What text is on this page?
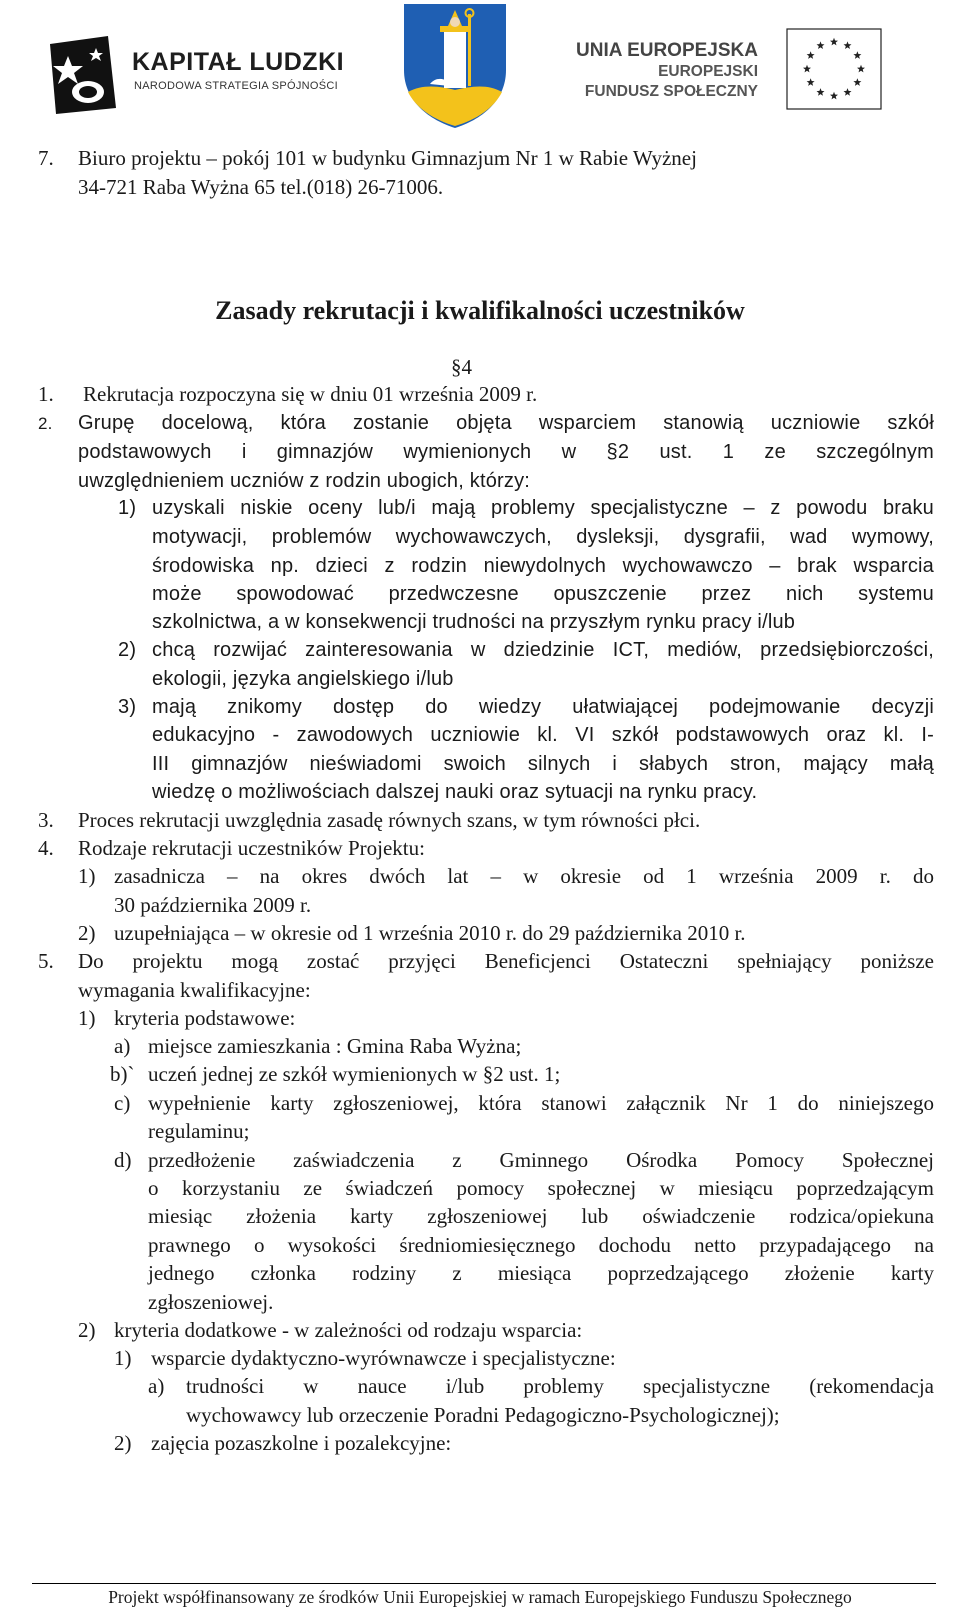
KAPITAŁ LUDZKI
NARODOWA STRATEGIA SPÓJNOŚCI
UNIA EUROPEJSKA
EUROPEJSKI
FUNDUSZ SPOŁECZNY
7. Biuro projektu – pokój 101 w budynku Gimnazjum Nr 1 w Rabie Wyżnej
34-721 Raba Wyżna 65 tel.(018) 26-71006.
Zasady rekrutacji i kwalifikalności uczestników
§4
1. Rekrutacja rozpoczyna się w dniu 01 września 2009 r.
2. Grupę docelową, która zostanie objęta wsparciem stanowią uczniowie szkół
podstawowych i gimnazjów wymienionych w §2 ust. 1 ze szczególnym
uwzględnieniem uczniów z rodzin ubogich, którzy:
1) uzyskali niskie oceny lub/i mają problemy specjalistyczne – z powodu braku
motywacji, problemów wychowawczych, dysleksji, dysgrafii, wad wymowy,
środowiska np. dzieci z rodzin niewydolnych wychowawczo – brak wsparcia
może spowodować przedwczesne opuszczenie przez nich systemu
szkolnictwa, a w konsekwencji trudności na przyszłym rynku pracy i/lub
2) chcą rozwijać zainteresowania w dziedzinie ICT, mediów, przedsiębiorczości,
ekologii, języka angielskiego i/lub
3) mają znikomy dostęp do wiedzy ułatwiającej podejmowanie decyzji
edukacyjno - zawodowych uczniowie kl. VI szkół podstawowych oraz kl. I-
III gimnazjów nieświadomi swoich silnych i słabych stron, mający małą
wiedzę o możliwościach dalszej nauki oraz sytuacji na rynku pracy.
3. Proces rekrutacji uwzględnia zasadę równych szans, w tym równości płci.
4. Rodzaje rekrutacji uczestników Projektu:
1) zasadnicza – na okres dwóch lat – w okresie od 1 września 2009 r. do
30 października 2009 r.
2) uzupełniająca – w okresie od 1 września 2010 r. do 29 października 2010 r.
5. Do projektu mogą zostać przyjęci Beneficjenci Ostateczni spełniający poniższe
wymagania kwalifikacyjne:
1) kryteria podstawowe:
a) miejsce zamieszkania : Gmina Raba Wyżna;
b)` uczeń jednej ze szkół wymienionych w §2 ust. 1;
c) wypełnienie karty zgłoszeniowej, która stanowi załącznik Nr 1 do niniejszego
regulaminu;
d) przedłożenie zaświadczenia z Gminnego Ośrodka Pomocy Społecznej
o korzystaniu ze świadczeń pomocy społecznej w miesiącu poprzedzającym
miesiąc złożenia karty zgłoszeniowej lub oświadczenie rodzica/opiekuna
prawnego o wysokości średniomiesięcznego dochodu netto przypadającego na
jednego członka rodziny z miesiąca poprzedzającego złożenie karty
zgłoszeniowej.
2) kryteria dodatkowe - w zależności od rodzaju wsparcia:
1) wsparcie dydaktyczno-wyrównawcze i specjalistyczne:
a) trudności w nauce i/lub problemy specjalistyczne (rekomendacja
wychowawcy lub orzeczenie Poradni Pedagogiczno-Psychologicznej);
2) zajęcia pozaszkolne i pozalekcyjne:
Projekt współfinansowany ze środków Unii Europejskiej w ramach Europejskiego Funduszu Społecznego
